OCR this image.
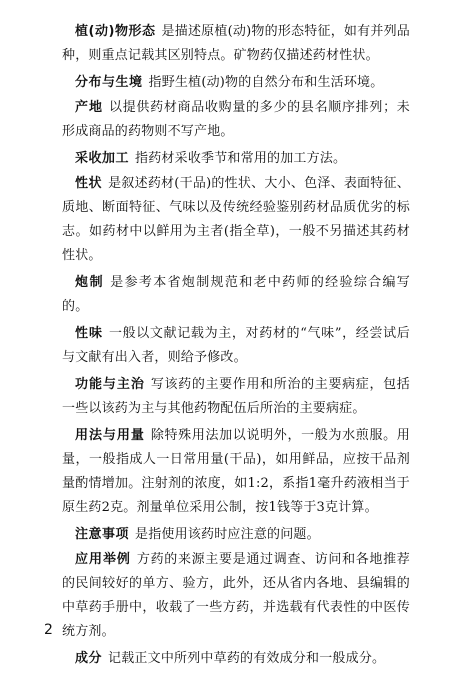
植(动)物形态 是描述原植(动)物的形态特征，如有并列品种，则重点记载其区别特点。矿物药仅描述药材性状。

分布与生境 指野生植(动)物的自然分布和生活环境。

产地 以提供药材商品收购量的多少的县名顺序排列；未形成商品的药物则不写产地。

采收加工 指药材采收季节和常用的加工方法。

性状 是叙述药材(干品)的性状、大小、色泽、表面特征、质地、断面特征、气味以及传统经验鉴别药材品质优劣的标志。如药材中以鲜用为主者(指全草)，一般不另描述其药材性状。

炮制 是参考本省炮制规范和老中药师的经验综合编写的。

性味 一般以文献记载为主，对药材的“气味”，经尝试后与文献有出入者，则给予修改。

功能与主治 写该药的主要作用和所治的主要病症，包括一些以该药为主与其他药物配伍后所治的主要病症。

用法与用量 除特殊用法加以说明外，一般为水煎服。用量，一般指成人一日常用量(干品)，如用鲜品，应按干品剂量酌情增加。注射剂的浓度，如1:2，系指1毫升药液相当于原生药2克。剂量单位采用公制，按1钱等于3克计算。

注意事项 是指使用该药时应注意的问题。

应用举例 方药的来源主要是通过调查、访问和各地推荐的民间较好的单方、验方，此外，还从省内各地、县编辑的中草药手册中，收载了一些方药，并选载有代表性的中医传统方剂。

成分 记载正文中所列中草药的有效成分和一般成分。

2
